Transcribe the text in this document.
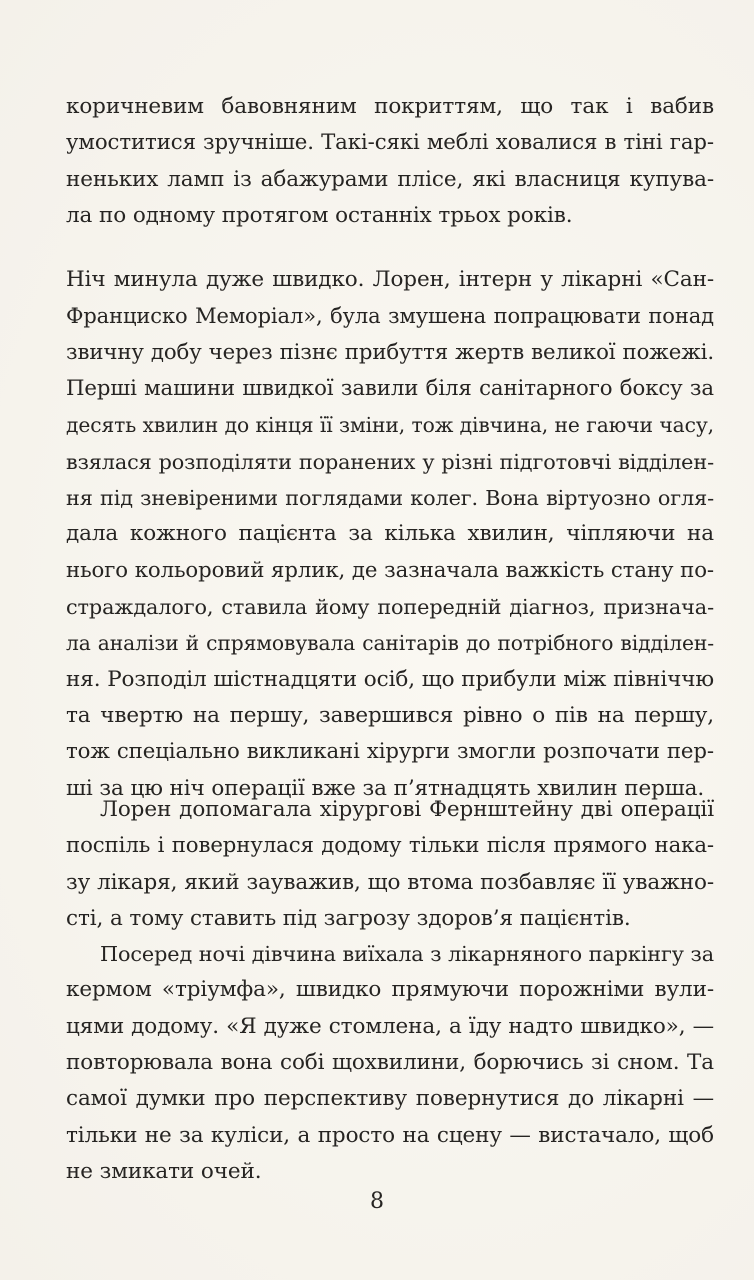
коричневим бавовняним покриттям, що так і вабив
умоститися зручніше. Такі-сякі меблі ховалися в тіні гар-
неньких ламп із абажурами плісе, які власниця купува-
ла по одному протягом останніх трьох років.
Ніч минула дуже швидко. Лорен, інтерн у лікарні «Сан-
Франциско Меморіал», була змушена попрацювати понад
звичну добу через пізнє прибуття жертв великої пожежі.
Перші машини швидкої завили біля санітарного боксу за
десять хвилин до кінця її зміни, тож дівчина, не гаючи часу,
взялася розподіляти поранених у різні підготовчі відділен-
ня під зневіреними поглядами колег. Вона віртуозно огля-
дала кожного пацієнта за кілька хвилин, чіпляючи на
нього кольоровий ярлик, де зазначала важкість стану по-
страждалого, ставила йому попередній діагноз, признача-
ла аналізи й спрямовувала санітарів до потрібного відділен-
ня. Розподіл шістнадцяти осіб, що прибули між північчю
та чвертю на першу, завершився рівно о пів на першу,
тож спеціально викликані хірурги змогли розпочати пер-
ші за цю ніч операції вже за п’ятнадцять хвилин перша.
Лорен допомагала хірургові Фернштейну дві операції
поспіль і повернулася додому тільки після прямого нака-
зу лікаря, який зауважив, що втома позбавляє її уважно-
сті, а тому ставить під загрозу здоров’я пацієнтів.
Посеред ночі дівчина виїхала з лікарняного паркінгу за
кермом «тріумфа», швидко прямуючи порожніми вули-
цями додому. «Я дуже стомлена, а їду надто швидко», —
повторювала вона собі щохвилини, борючись зі сном. Та
самої думки про перспективу повернутися до лікарні —
тільки не за куліси, а просто на сцену — вистачало, щоб
не змикати очей.
8
